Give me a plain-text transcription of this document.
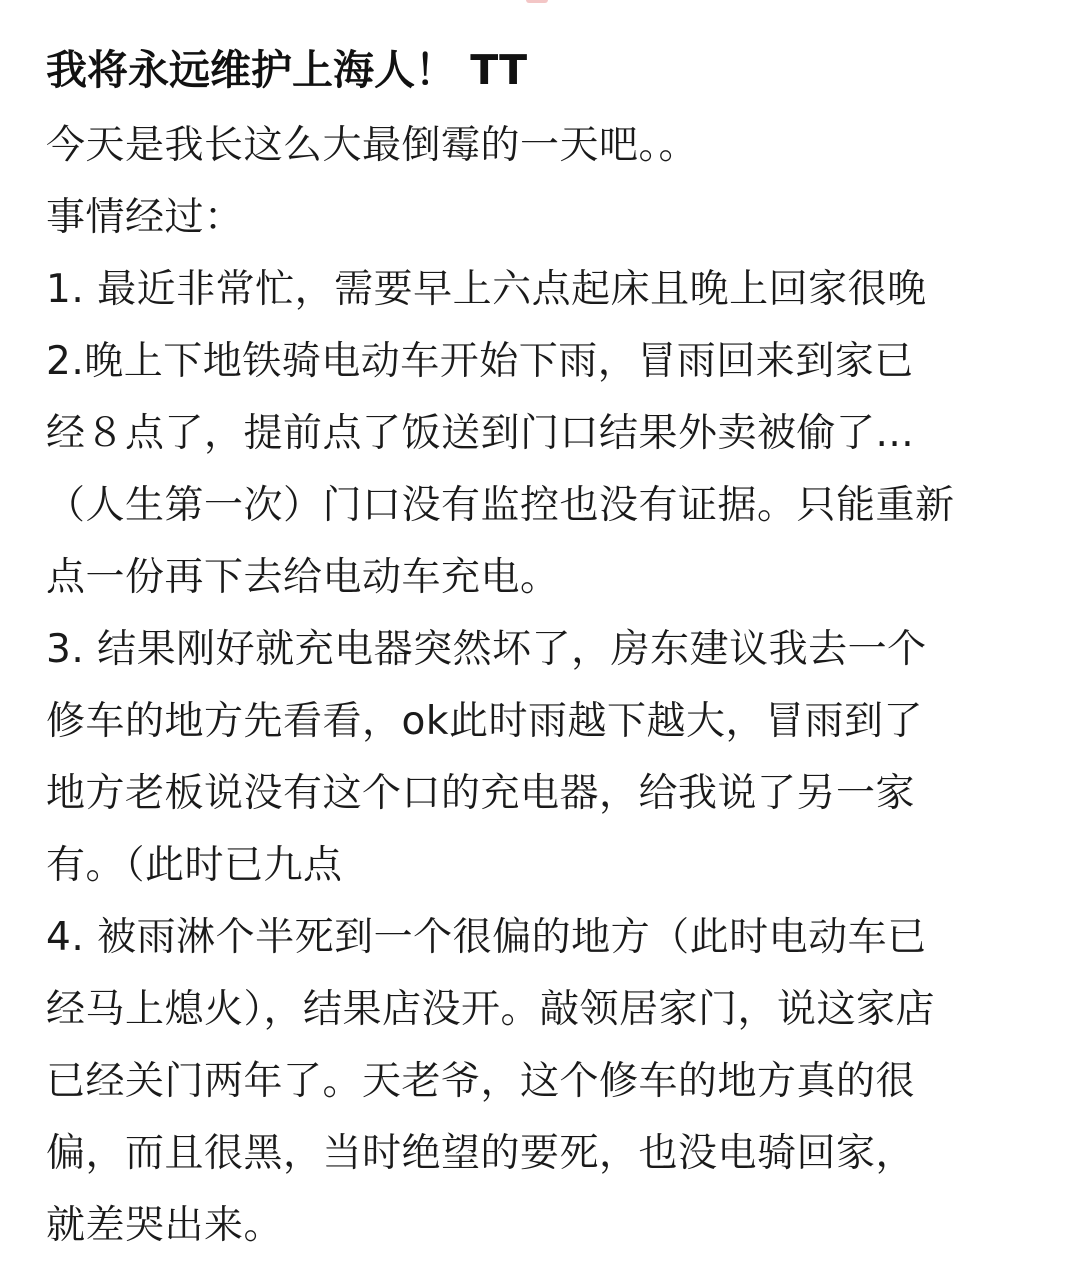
我将永远维护上海人！ TT
今天是我长这么大最倒霉的一天吧。。
事情经过：
1. 最近非常忙，需要早上六点起床且晚上回家很晚
2.晚上下地铁骑电动车开始下雨，冒雨回来到家已
经８点了，提前点了饭送到门口结果外卖被偷了...
（人生第一次）门口没有监控也没有证据。只能重新
点一份再下去给电动车充电。
3. 结果刚好就充电器突然坏了，房东建议我去一个
修车的地方先看看，ok此时雨越下越大，冒雨到了
地方老板说没有这个口的充电器，给我说了另一家
有。（此时已九点
4. 被雨淋个半死到一个很偏的地方（此时电动车已
经马上熄火），结果店没开。敲领居家门，说这家店
已经关门两年了。天老爷，这个修车的地方真的很
偏，而且很黑，当时绝望的要死，也没电骑回家，
就差哭出来。
